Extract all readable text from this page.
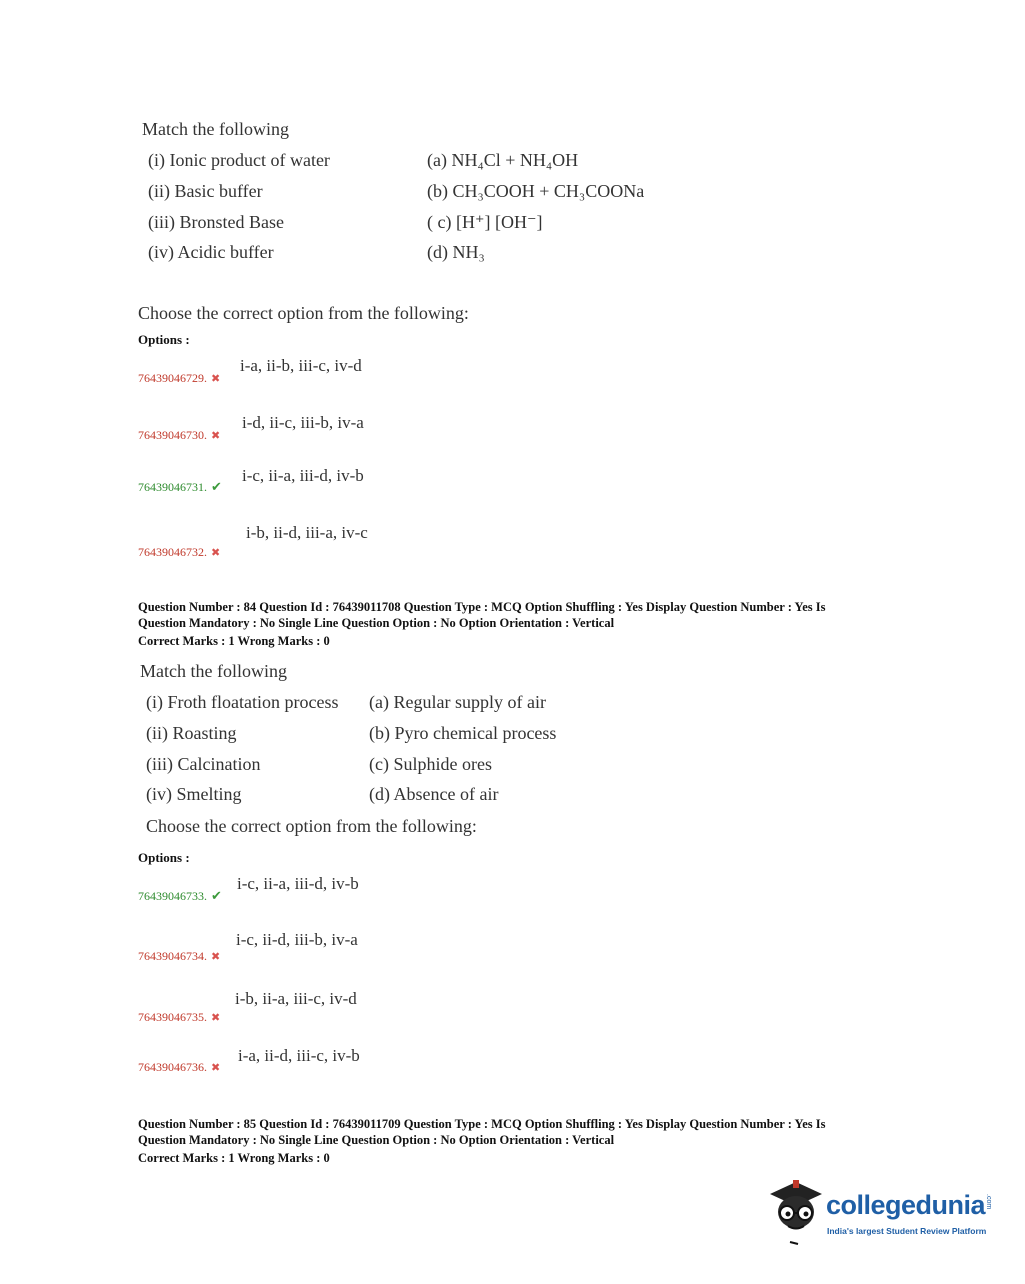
Match the following
(i) Ionic product of water
(ii) Basic buffer
(iii) Bronsted Base
(iv) Acidic buffer
(a) NH₄Cl + NH₄OH
(b) CH₃COOH + CH₃COONa
( c) [H⁺] [OH⁻]
(d) NH₃
Choose the correct option from the following:
Options :
76439046729. ✖
i-a, ii-b, iii-c, iv-d
76439046730. ✖
i-d, ii-c, iii-b, iv-a
76439046731. ✔
i-c, ii-a, iii-d, iv-b
76439046732. ✖
i-b, ii-d, iii-a, iv-c
Question Number : 84 Question Id : 76439011708 Question Type : MCQ Option Shuffling : Yes Display Question Number : Yes Is
Question Mandatory : No Single Line Question Option : No Option Orientation : Vertical
Correct Marks : 1 Wrong Marks : 0
Match the following
(i) Froth floatation process
(ii) Roasting
(iii) Calcination
(iv) Smelting
(a) Regular supply of air
(b) Pyro chemical process
(c) Sulphide ores
(d) Absence of air
Choose the correct option from the following:
Options :
76439046733. ✔
i-c, ii-a, iii-d, iv-b
76439046734. ✖
i-c, ii-d, iii-b, iv-a
76439046735. ✖
i-b, ii-a, iii-c, iv-d
76439046736. ✖
i-a, ii-d, iii-c, iv-b
Question Number : 85 Question Id : 76439011709 Question Type : MCQ Option Shuffling : Yes Display Question Number : Yes Is
Question Mandatory : No Single Line Question Option : No Option Orientation : Vertical
Correct Marks : 1 Wrong Marks : 0
collegedunia .com
India's largest Student Review Platform
